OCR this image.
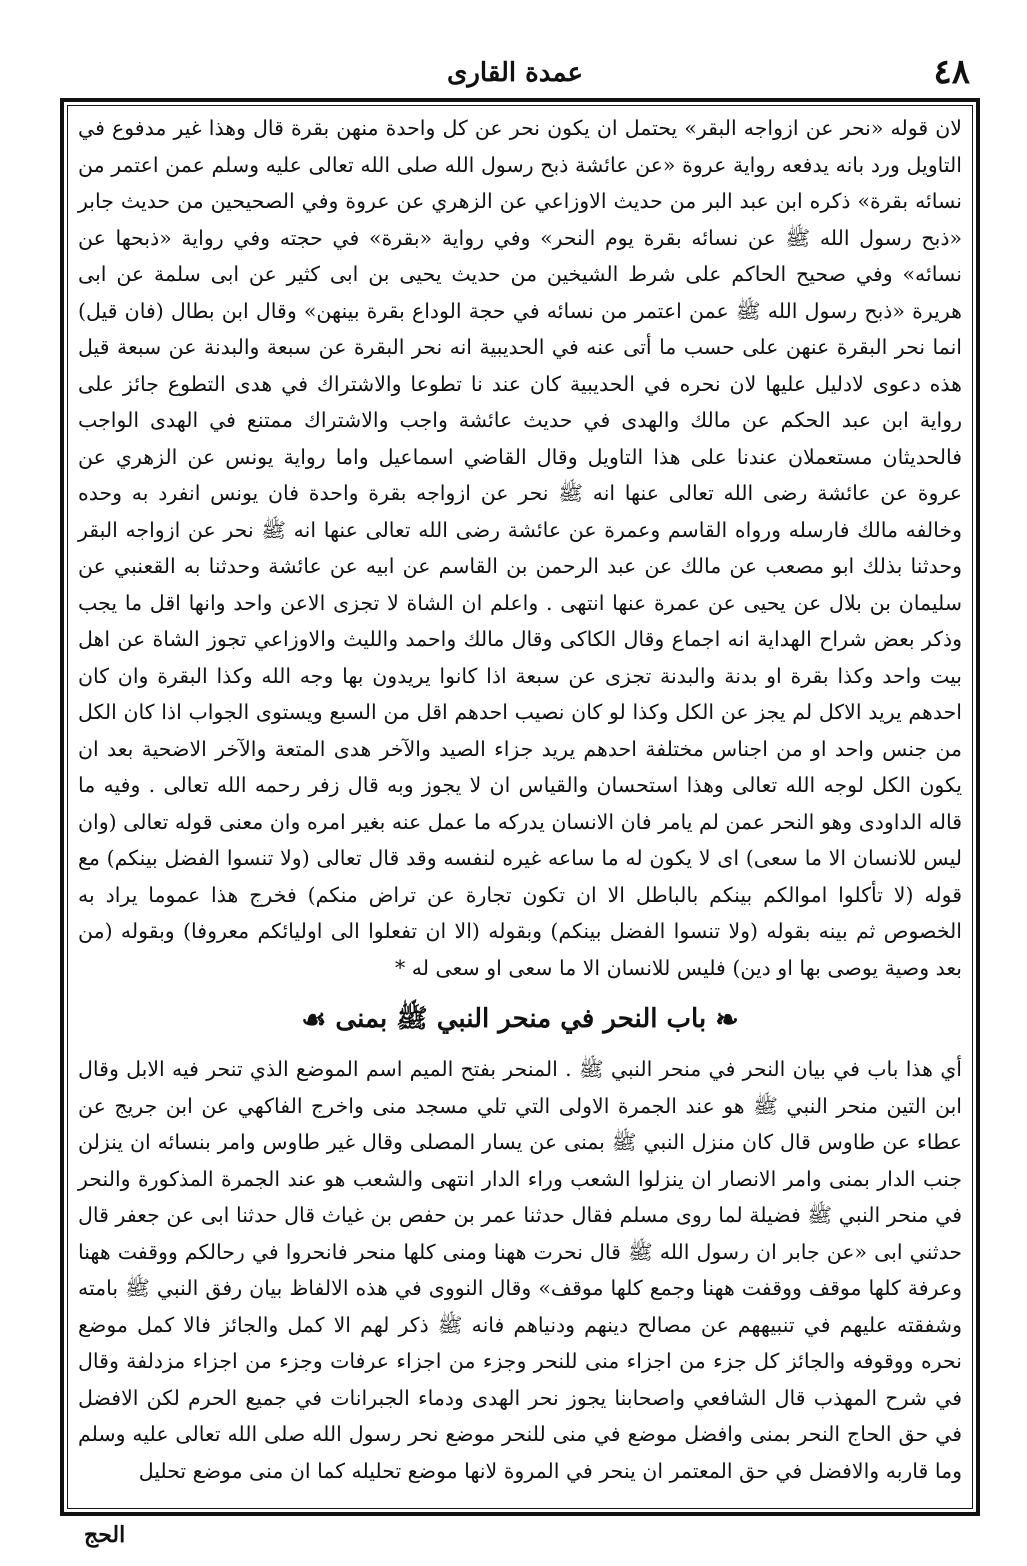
٤٨
عمدة القارى

لان قوله «نحر عن ازواجه البقر» يحتمل ان يكون نحر عن كل واحدة منهن بقرة قال وهذا غير مدفوع في التاويل ورد بانه يدفعه رواية عروة «عن عائشة ذبح رسول الله صلى الله تعالى عليه وسلم عمن اعتمر من نسائه بقرة» ذكره ابن عبد البر من حديث الاوزاعي عن الزهري عن عروة وفي الصحيحين من حديث جابر «ذبح رسول الله ﷺ عن نسائه بقرة يوم النحر» وفي رواية «بقرة» في حجته وفي رواية «ذبحها عن نسائه» وفي صحيح الحاكم على شرط الشيخين من حديث يحيى بن ابى كثير عن ابى سلمة عن ابى هريرة «ذبح رسول الله ﷺ عمن اعتمر من نسائه في حجة الوداع بقرة بينهن» وقال ابن بطال (فان قيل) انما نحر البقرة عنهن على حسب ما أتى عنه في الحديبية انه نحر البقرة عن سبعة والبدنة عن سبعة قيل هذه دعوى لادليل عليها لان نحره في الحديبية كان عند نا تطوعا والاشتراك في هدى التطوع جائز على رواية ابن عبد الحكم عن مالك والهدى في حديث عائشة واجب والاشتراك ممتنع في الهدى الواجب فالحديثان مستعملان عندنا على هذا التاويل وقال القاضي اسماعيل واما رواية يونس عن الزهري عن عروة عن عائشة رضى الله تعالى عنها انه ﷺ نحر عن ازواجه بقرة واحدة فان يونس انفرد به وحده وخالفه مالك فارسله ورواه القاسم وعمرة عن عائشة رضى الله تعالى عنها انه ﷺ نحر عن ازواجه البقر وحدثنا بذلك ابو مصعب عن مالك عن عبد الرحمن بن القاسم عن ابيه عن عائشة وحدثنا به القعنبي عن سليمان بن بلال عن يحيى عن عمرة عنها انتهى . واعلم ان الشاة لا تجزى الاعن واحد وانها اقل ما يجب وذكر بعض شراح الهداية انه اجماع وقال الكاكى وقال مالك واحمد والليث والاوزاعي تجوز الشاة عن اهل بيت واحد وكذا بقرة او بدنة والبدنة تجزى عن سبعة اذا كانوا يريدون بها وجه الله وكذا البقرة وان كان احدهم يريد الاكل لم يجز عن الكل وكذا لو كان نصيب احدهم اقل من السبع ويستوى الجواب اذا كان الكل من جنس واحد او من اجناس مختلفة احدهم يريد جزاء الصيد والآخر هدى المتعة والآخر الاضحية بعد ان يكون الكل لوجه الله تعالى وهذا استحسان والقياس ان لا يجوز وبه قال زفر رحمه الله تعالى . وفيه ما قاله الداودى وهو النحر عمن لم يامر فان الانسان يدركه ما عمل عنه بغير امره وان معنى قوله تعالى (وان ليس للانسان الا ما سعى) اى لا يكون له ما ساعه غيره لنفسه وقد قال تعالى (ولا تنسوا الفضل بينكم) مع قوله (لا تأكلوا اموالكم بينكم بالباطل الا ان تكون تجارة عن تراض منكم) فخرج هذا عموما يراد به الخصوص ثم بينه بقوله (ولا تنسوا الفضل بينكم) وبقوله (الا ان تفعلوا الى اوليائكم معروفا) وبقوله (من بعد وصية يوصى بها او دين) فليس للانسان الا ما سعى او سعى له *

❧ باب النحر في منحر النبي ﷺ بمنى ☙

أي هذا باب في بيان النحر في منحر النبي ﷺ . المنحر بفتح الميم اسم الموضع الذي تنحر فيه الابل وقال ابن التين منحر النبي ﷺ هو عند الجمرة الاولى التي تلي مسجد منى واخرج الفاكهي عن ابن جريج عن عطاء عن طاوس قال كان منزل النبي ﷺ بمنى عن يسار المصلى وقال غير طاوس وامر بنسائه ان ينزلن جنب الدار بمنى وامر الانصار ان ينزلوا الشعب وراء الدار انتهى والشعب هو عند الجمرة المذكورة والنحر في منحر النبي ﷺ فضيلة لما روى مسلم فقال حدثنا عمر بن حفص بن غياث قال حدثنا ابى عن جعفر قال حدثني ابى «عن جابر ان رسول الله ﷺ قال نحرت ههنا ومنى كلها منحر فانحروا في رحالكم ووقفت ههنا وعرفة كلها موقف ووقفت ههنا وجمع كلها موقف» وقال النووى في هذه الالفاظ بيان رفق النبي ﷺ بامته وشفقته عليهم في تنبيههم عن مصالح دينهم ودنياهم فانه ﷺ ذكر لهم الا كمل والجائز فالا كمل موضع نحره ووقوفه والجائز كل جزء من اجزاء منى للنحر وجزء من اجزاء عرفات وجزء من اجزاء مزدلفة وقال في شرح المهذب قال الشافعي واصحابنا يجوز نحر الهدى ودماء الجبرانات في جميع الحرم لكن الافضل في حق الحاج النحر بمنى وافضل موضع في منى للنحر موضع نحر رسول الله صلى الله تعالى عليه وسلم وما قاربه والافضل في حق المعتمر ان ينحر في المروة لانها موضع تحليله كما ان منى موضع تحليل

الحج
